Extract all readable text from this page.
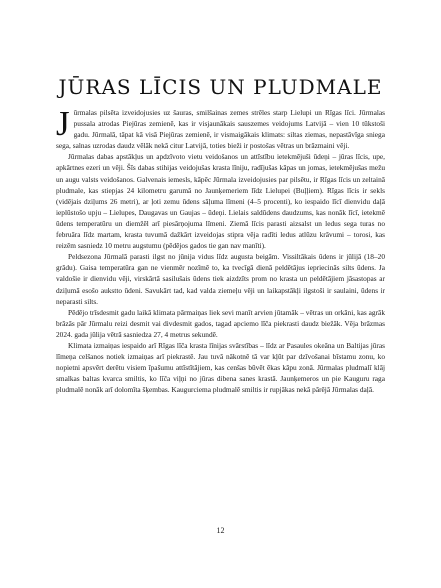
JŪRAS LĪCIS UN PLUDMALE

Jūrmalas pilsēta izveidojusies uz šauras, smilšainas zemes strēles starp Lielupi un Rīgas līci. Jūrmalas pussala atrodas Piejūras zemienē, kas ir visjaunākais sauszemes veidojums Latvijā – vien 10 tūkstoši gadu. Jūrmalā, tāpat kā visā Piejūras zemienē, ir vismaigākais klimats: siltas ziemas, nepastāvīga sniega sega, salnas uzrodas daudz vēlāk nekā citur Latvijā, toties bieži ir postošas vētras un brāzmaini vēji.

Jūrmalas dabas apstākļus un apdzīvoto vietu veidošanos un attīstību ietekmējuši ūdeņi – jūras līcis, upe, apkārtnes ezeri un vēji. Šīs dabas stihijas veidojušas krasta līniju, radījušas kāpas un jomas, ietekmējušas mežu un augu valsts veidošanos. Galvenais iemesls, kāpēc Jūrmala izveidojusies par pilsētu, ir Rīgas līcis un zeltainā pludmale, kas stiepjas 24 kilometru garumā no Jaunķemeriem līdz Lielupei (Buļļiem). Rīgas līcis ir sekls (vidējais dziļums 26 metri), ar ļoti zemu ūdens sāļuma līmeni (4–5 procenti), ko iespaido līcī dienvidu daļā ieplūstošo upju – Lielupes, Daugavas un Gaujas – ūdeņi. Lielais saldūdens daudzums, kas nonāk līcī, ietekmē ūdens temperatūru un diemžēl arī piesārņojuma līmeni. Ziemā līcis parasti aizsalst un ledus sega turas no februāra līdz martam, krasta tuvumā dažkārt izveidojas stipra vēja radīti ledus atlūzu krāvumi – torosi, kas reizēm sasniedz 10 metru augstumu (pēdējos gados tie gan nav manīti).

Peldsezona Jūrmalā parasti ilgst no jūnija vidus līdz augusta beigām. Vissiltākais ūdens ir jūlijā (18–20 grādu). Gaisa temperatūra gan ne vienmēr nozīmē to, ka tvecīgā dienā peldētājus iepriecinās silts ūdens. Ja valdošie ir dienvidu vēji, virskārtā sasilušais ūdens tiek aizdzīts prom no krasta un peldētājiem jāsastopas ar dziļumā esošo aukstto ūdeni. Savukārt tad, kad valda ziemeļu vēji un laikapstākļi ilgstoši ir saulaini, ūdens ir neparasti silts.

Pēdējo trīsdesmit gadu laikā klimata pārmaiņas liek sevi manīt arvien jūtamāk – vētras un orkāni, kas agrāk brāzās pār Jūrmalu reizi desmit vai divdesmit gados, tagad apciemo līča piekrasti daudz biežāk. Vēja brāzmas 2024. gada jūlija vētrā sasniedza 27, 4 metrus sekundē.

Klimata izmaiņas iespaido arī Rīgas līča krasta līnijas svārstības – līdz ar Pasaules okeāna un Baltijas jūras līmeņa celšanos notiek izmaiņas arī piekrastē. Jau tuvā nākotnē tā var kļūt par dzīvošanai bīstamu zonu, ko nopietni apsvērt derētu visiem īpašumu attīstītājiem, kas cenšas būvēt ēkas kāpu zonā. Jūrmalas pludmalī klāj smalkas baltas kvarca smiltis, ko līča viļņi no jūras dibena sanes krastā. Jaunķemeros un pie Kauguru raga pludmalē nonāk arī dolomīta šķembas. Kaugurciema pludmalē smiltis ir rupjākas nekā pārējā Jūrmalas daļā.

12
